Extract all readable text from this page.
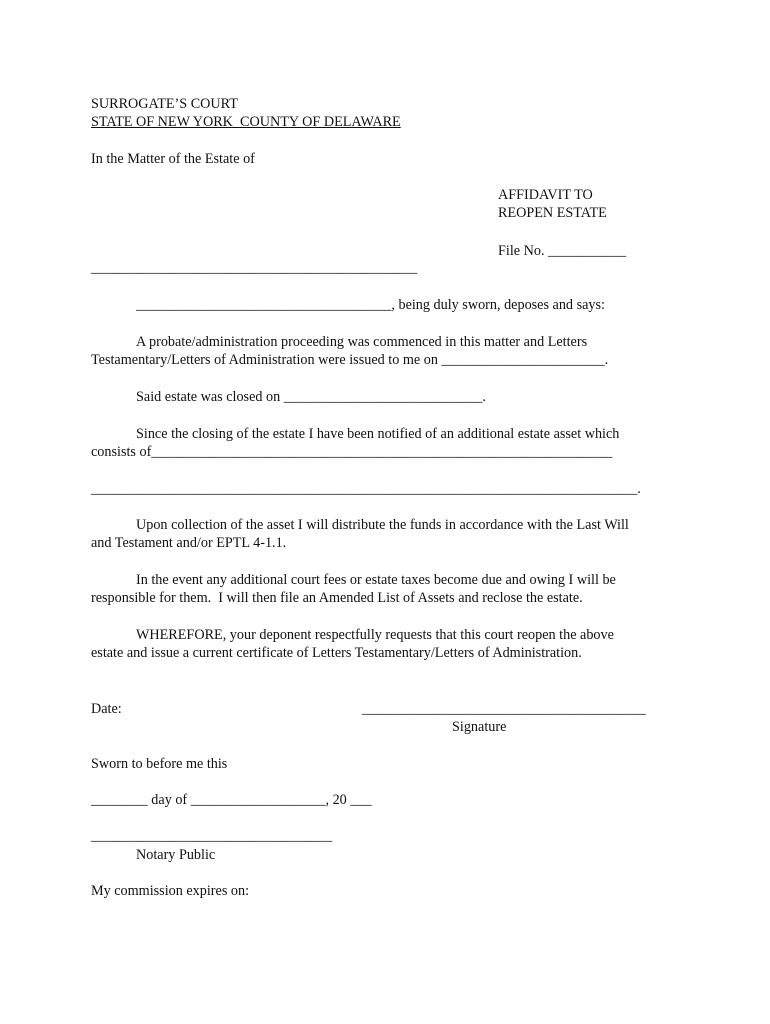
SURROGATE’S COURT
STATE OF NEW YORK  COUNTY OF DELAWARE
In the Matter of the Estate of
AFFIDAVIT TO
REOPEN ESTATE
File No. ___________
______________________________________________
____________________________________, being duly sworn, deposes and says:
A probate/administration proceeding was commenced in this matter and Letters
Testamentary/Letters of Administration were issued to me on _______________________.
Said estate was closed on ____________________________.
Since the closing of the estate I have been notified of an additional estate asset which
consists of_________________________________________________________________
_____________________________________________________________________________.
Upon collection of the asset I will distribute the funds in accordance with the Last Will
and Testament and/or EPTL 4-1.1.
In the event any additional court fees or estate taxes become due and owing I will be
responsible for them.  I will then file an Amended List of Assets and reclose the estate.
WHEREFORE, your deponent respectfully requests that this court reopen the above
estate and issue a current certificate of Letters Testamentary/Letters of Administration.
Date:	________________________________________
Signature
Sworn to before me this
________ day of ___________________, 20 ___
__________________________________
Notary Public
My commission expires on:
